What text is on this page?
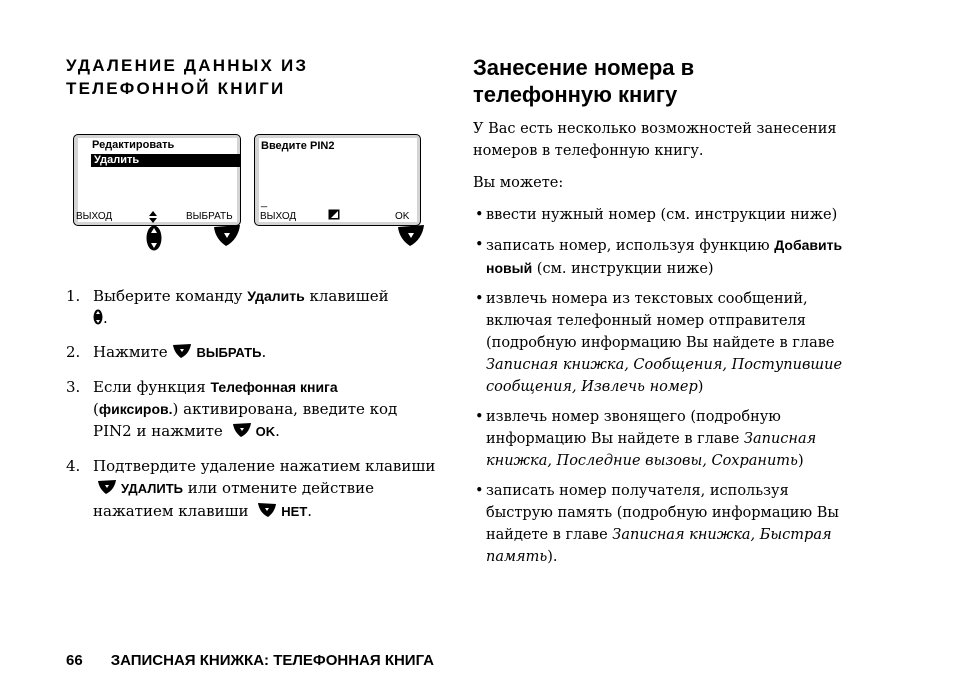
УДАЛЕНИЕ ДАННЫХ ИЗ
ТЕЛЕФОННОЙ КНИГИ
Редактировать
Удалить
ВЫХОД	ВЫБРАТЬ
Введите PIN2
_
ВЫХОД	OK
1. Выберите команду Удалить клавишей
.
2. Нажмите ВЫБРАТЬ.
3. Если функция Телефонная книга
(фиксиров.) активирована, введите код PIN2 и нажмите OK.
4. Подтвердите удаление нажатием клавиши УДАЛИТЬ или отмените действие нажатием клавиши НЕТ.
Занесение номера в
телефонную книгу

У Вас есть несколько возможностей занесения номеров в телефонную книгу.

Вы можете:

• ввести нужный номер (см. инструкции ниже)
• записать номер, используя функцию Добавить новый (см. инструкции ниже)
• извлечь номера из текстовых сообщений, включая телефонный номер отправителя (подробную информацию Вы найдете в главе Записная книжка, Сообщения, Поступившие сообщения, Извлечь номер)
• извлечь номер звонящего (подробную информацию Вы найдете в главе Записная книжка, Последние вызовы, Сохранить)
• записать номер получателя, используя быструю память (подробную информацию Вы найдете в главе Записная книжка, Быстрая память).
66 ЗАПИСНАЯ КНИЖКА: ТЕЛЕФОННАЯ КНИГА
